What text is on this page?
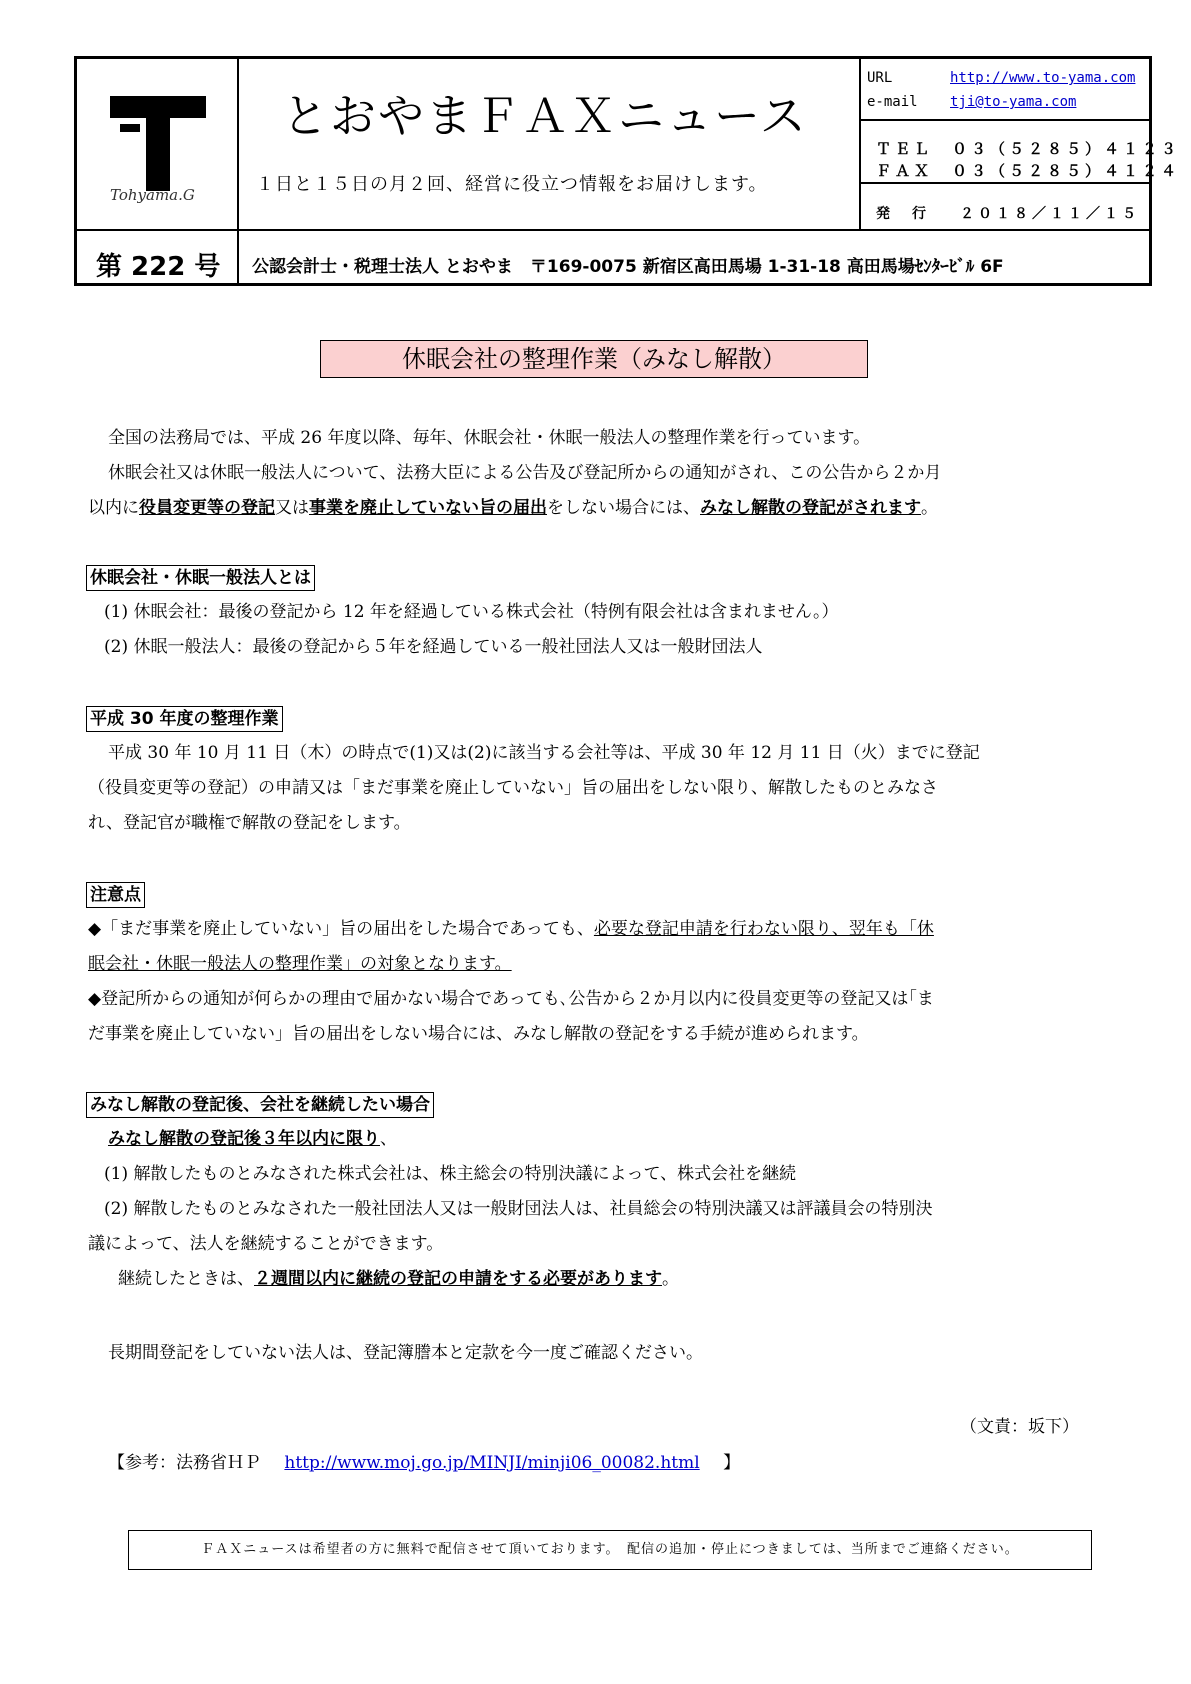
Tohyama.G
とおやまＦＡＸニュース
１日と１５日の月２回、経営に役立つ情報をお届けします。
URL	http://www.to-yama.com
e-mail tji@to-yama.com
ＴＥＬ　０３（５２８５）４１２３
ＦＡＸ　０３（５２８５）４１２４
発　行 ２０１８／１１／１５
第 222 号 公認会計士・税理士法人 とおやま　〒169-0075 新宿区高田馬場 1-31-18 高田馬場ｾﾝﾀｰﾋﾞﾙ 6F
休眠会社の整理作業（みなし解散）
全国の法務局では、平成 26 年度以降、毎年、休眠会社・休眠一般法人の整理作業を行っています。
休眠会社又は休眠一般法人について、法務大臣による公告及び登記所からの通知がされ、この公告から２か月
以内に役員変更等の登記又は事業を廃止していない旨の届出をしない場合には、みなし解散の登記がされます。
休眠会社・休眠一般法人とは
(1) 休眠会社：最後の登記から 12 年を経過している株式会社（特例有限会社は含まれません。）
(2) 休眠一般法人：最後の登記から５年を経過している一般社団法人又は一般財団法人
平成 30 年度の整理作業
平成 30 年 10 月 11 日（木）の時点で(1)又は(2)に該当する会社等は、平成 30 年 12 月 11 日（火）までに登記
（役員変更等の登記）の申請又は「まだ事業を廃止していない」旨の届出をしない限り、解散したものとみなさ
れ、登記官が職権で解散の登記をします。
注意点
◆「まだ事業を廃止していない」旨の届出をした場合であっても、必要な登記申請を行わない限り、翌年も「休
眠会社・休眠一般法人の整理作業」の対象となります。
◆登記所からの通知が何らかの理由で届かない場合であっても､公告から２か月以内に役員変更等の登記又は｢ま
だ事業を廃止していない」旨の届出をしない場合には、みなし解散の登記をする手続が進められます。
みなし解散の登記後、会社を継続したい場合
みなし解散の登記後３年以内に限り、
(1) 解散したものとみなされた株式会社は、株主総会の特別決議によって、株式会社を継続
(2) 解散したものとみなされた一般社団法人又は一般財団法人は、社員総会の特別決議又は評議員会の特別決
議によって、法人を継続することができます。
継続したときは、２週間以内に継続の登記の申請をする必要があります。
長期間登記をしていない法人は、登記簿謄本と定款を今一度ご確認ください。
（文責：坂下）
【参考：法務省ＨＰ http://www.moj.go.jp/MINJI/minji06_00082.html 】
ＦＡＸニュースは希望者の方に無料で配信させて頂いております。　配信の追加・停止につきましては、当所までご連絡ください。
